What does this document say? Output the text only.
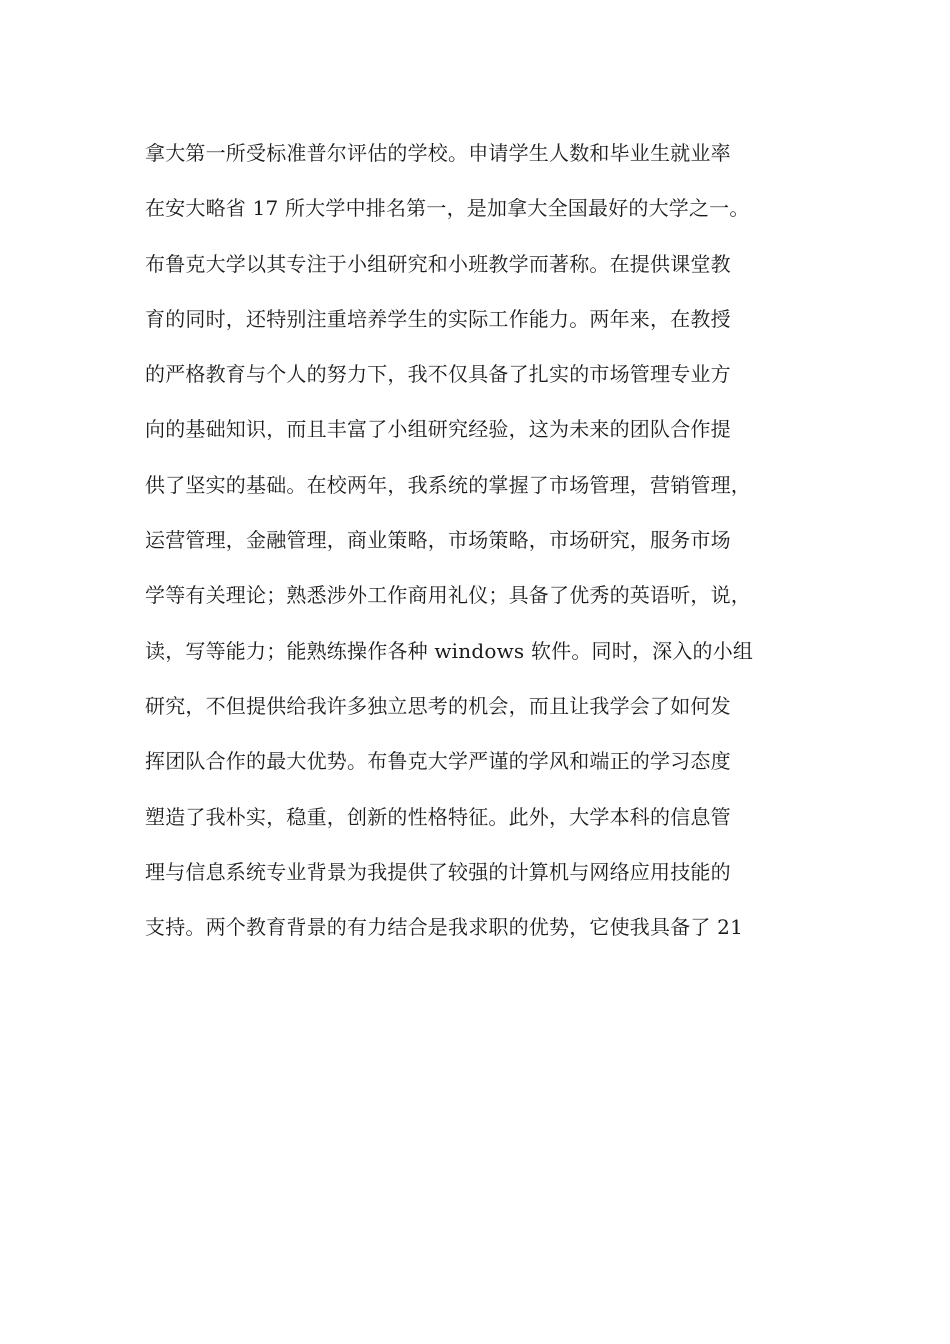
拿大第一所受标准普尔评估的学校。申请学生人数和毕业生就业率
在安大略省 17 所大学中排名第一，是加拿大全国最好的大学之一。
布鲁克大学以其专注于小组研究和小班教学而著称。在提供课堂教
育的同时，还特别注重培养学生的实际工作能力。两年来，在教授
的严格教育与个人的努力下，我不仅具备了扎实的市场管理专业方
向的基础知识，而且丰富了小组研究经验，这为未来的团队合作提
供了坚实的基础。在校两年，我系统的掌握了市场管理，营销管理，
运营管理，金融管理，商业策略，市场策略，市场研究，服务市场
学等有关理论；熟悉涉外工作商用礼仪；具备了优秀的英语听，说，
读，写等能力；能熟练操作各种 windows 软件。同时，深入的小组
研究，不但提供给我许多独立思考的机会，而且让我学会了如何发
挥团队合作的最大优势。布鲁克大学严谨的学风和端正的学习态度
塑造了我朴实，稳重，创新的性格特征。此外，大学本科的信息管
理与信息系统专业背景为我提供了较强的计算机与网络应用技能的
支持。两个教育背景的有力结合是我求职的优势，它使我具备了 21
